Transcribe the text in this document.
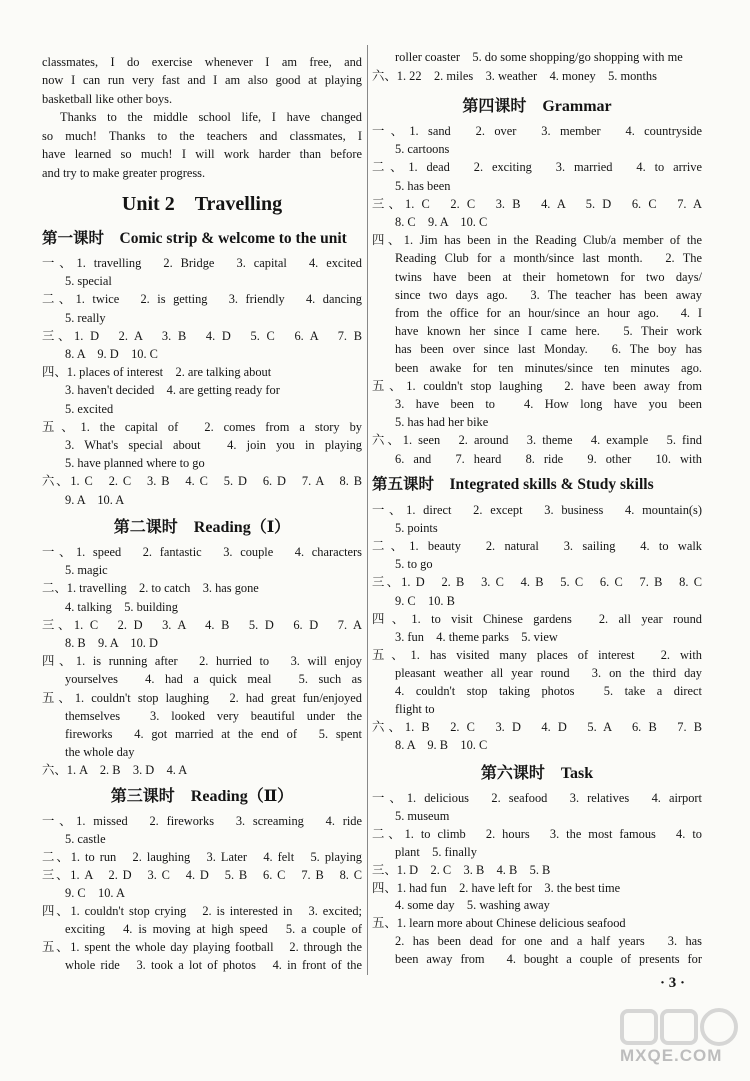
classmates, I do exercise whenever I am free, and
now I can run very fast and I am also good at playing
basketball like other boys.
Thanks to the middle school life, I have changed
so much! Thanks to the teachers and classmates, I
have learned so much! I will work harder than before
and try to make greater progress.
Unit 2　Travelling
第一课时　Comic strip & welcome to the unit
一、1. travelling　2. Bridge　3. capital　4. excited
5. special
二、1. twice　2. is getting　3. friendly　4. dancing
5. really
三、1. D　2. A　3. B　4. D　5. C　6. A　7. B
8. A　9. D　10. C
四、1. places of interest　2. are talking about
3. haven't decided　4. are getting ready for
5. excited
五、1. the capital of　2. comes from a story by
3. What's special about　4. join you in playing
5. have planned where to go
六、1. C　2. C　3. B　4. C　5. D　6. D　7. A　8. B
9. A　10. A
第二课时　Reading（Ⅰ）
一、1. speed　2. fantastic　3. couple　4. characters
5. magic
二、1. travelling　2. to catch　3. has gone
4. talking　5. building
三、1. C　2. D　3. A　4. B　5. D　6. D　7. A
8. B　9. A　10. D
四、1. is running after　2. hurried to　3. will enjoy
yourselves　4. had a quick meal　5. such as
五、1. couldn't stop laughing　2. had great fun/enjoyed
themselves　3. looked very beautiful under the
fireworks　4. got married at the end of　5. spent
the whole day
六、1. A　2. B　3. D　4. A
第三课时　Reading（Ⅱ）
一、1. missed　2. fireworks　3. screaming　4. ride
5. castle
二、1. to run　2. laughing　3. Later　4. felt　5. playing
三、1. A　2. D　3. C　4. D　5. B　6. C　7. B　8. C
9. C　10. A
四、1. couldn't stop crying　2. is interested in　3. excited;
exciting　4. is moving at high speed　5. a couple of
五、1. spent the whole day playing football　2. through the
whole ride　3. took a lot of photos　4. in front of the
roller coaster　5. do some shopping/go shopping with me
六、1. 22　2. miles　3. weather　4. money　5. months
第四课时　Grammar
一、1. sand　2. over　3. member　4. countryside
5. cartoons
二、1. dead　2. exciting　3. married　4. to arrive
5. has been
三、1. C　2. C　3. B　4. A　5. D　6. C　7. A
8. C　9. A　10. C
四、1. Jim has been in the Reading Club/a member of the
Reading Club for a month/since last month.　2. The
twins have been at their hometown for two days/
since two days ago.　3. The teacher has been away
from the office for an hour/since an hour ago.　4. I
have known her since I came here.　5. Their work
has been over since last Monday.　6. The boy has
been awake for ten minutes/since ten minutes ago.
五、1. couldn't stop laughing　2. have been away from
3. have been to　4. How long have you been
5. has had her bike
六、1. seen　2. around　3. theme　4. example　5. find
6. and　7. heard　8. ride　9. other　10. with
第五课时　Integrated skills & Study skills
一、1. direct　2. except　3. business　4. mountain(s)
5. points
二、1. beauty　2. natural　3. sailing　4. to walk
5. to go
三、1. D　2. B　3. C　4. B　5. C　6. C　7. B　8. C
9. C　10. B
四、1. to visit Chinese gardens　2. all year round
3. fun　4. theme parks　5. view
五、1. has visited many places of interest　2. with
pleasant weather all year round　3. on the third day
4. couldn't stop taking photos　5. take a direct
flight to
六、1. B　2. C　3. D　4. D　5. A　6. B　7. B
8. A　9. B　10. C
第六课时　Task
一、1. delicious　2. seafood　3. relatives　4. airport
5. museum
二、1. to climb　2. hours　3. the most famous　4. to
plant　5. finally
三、1. D　2. C　3. B　4. B　5. B
四、1. had fun　2. have left for　3. the best time
4. some day　5. washing away
五、1. learn more about Chinese delicious seafood
2. has been dead for one and a half years　3. has
been away from　4. bought a couple of presents for
· 3 ·
MXQE.COM
